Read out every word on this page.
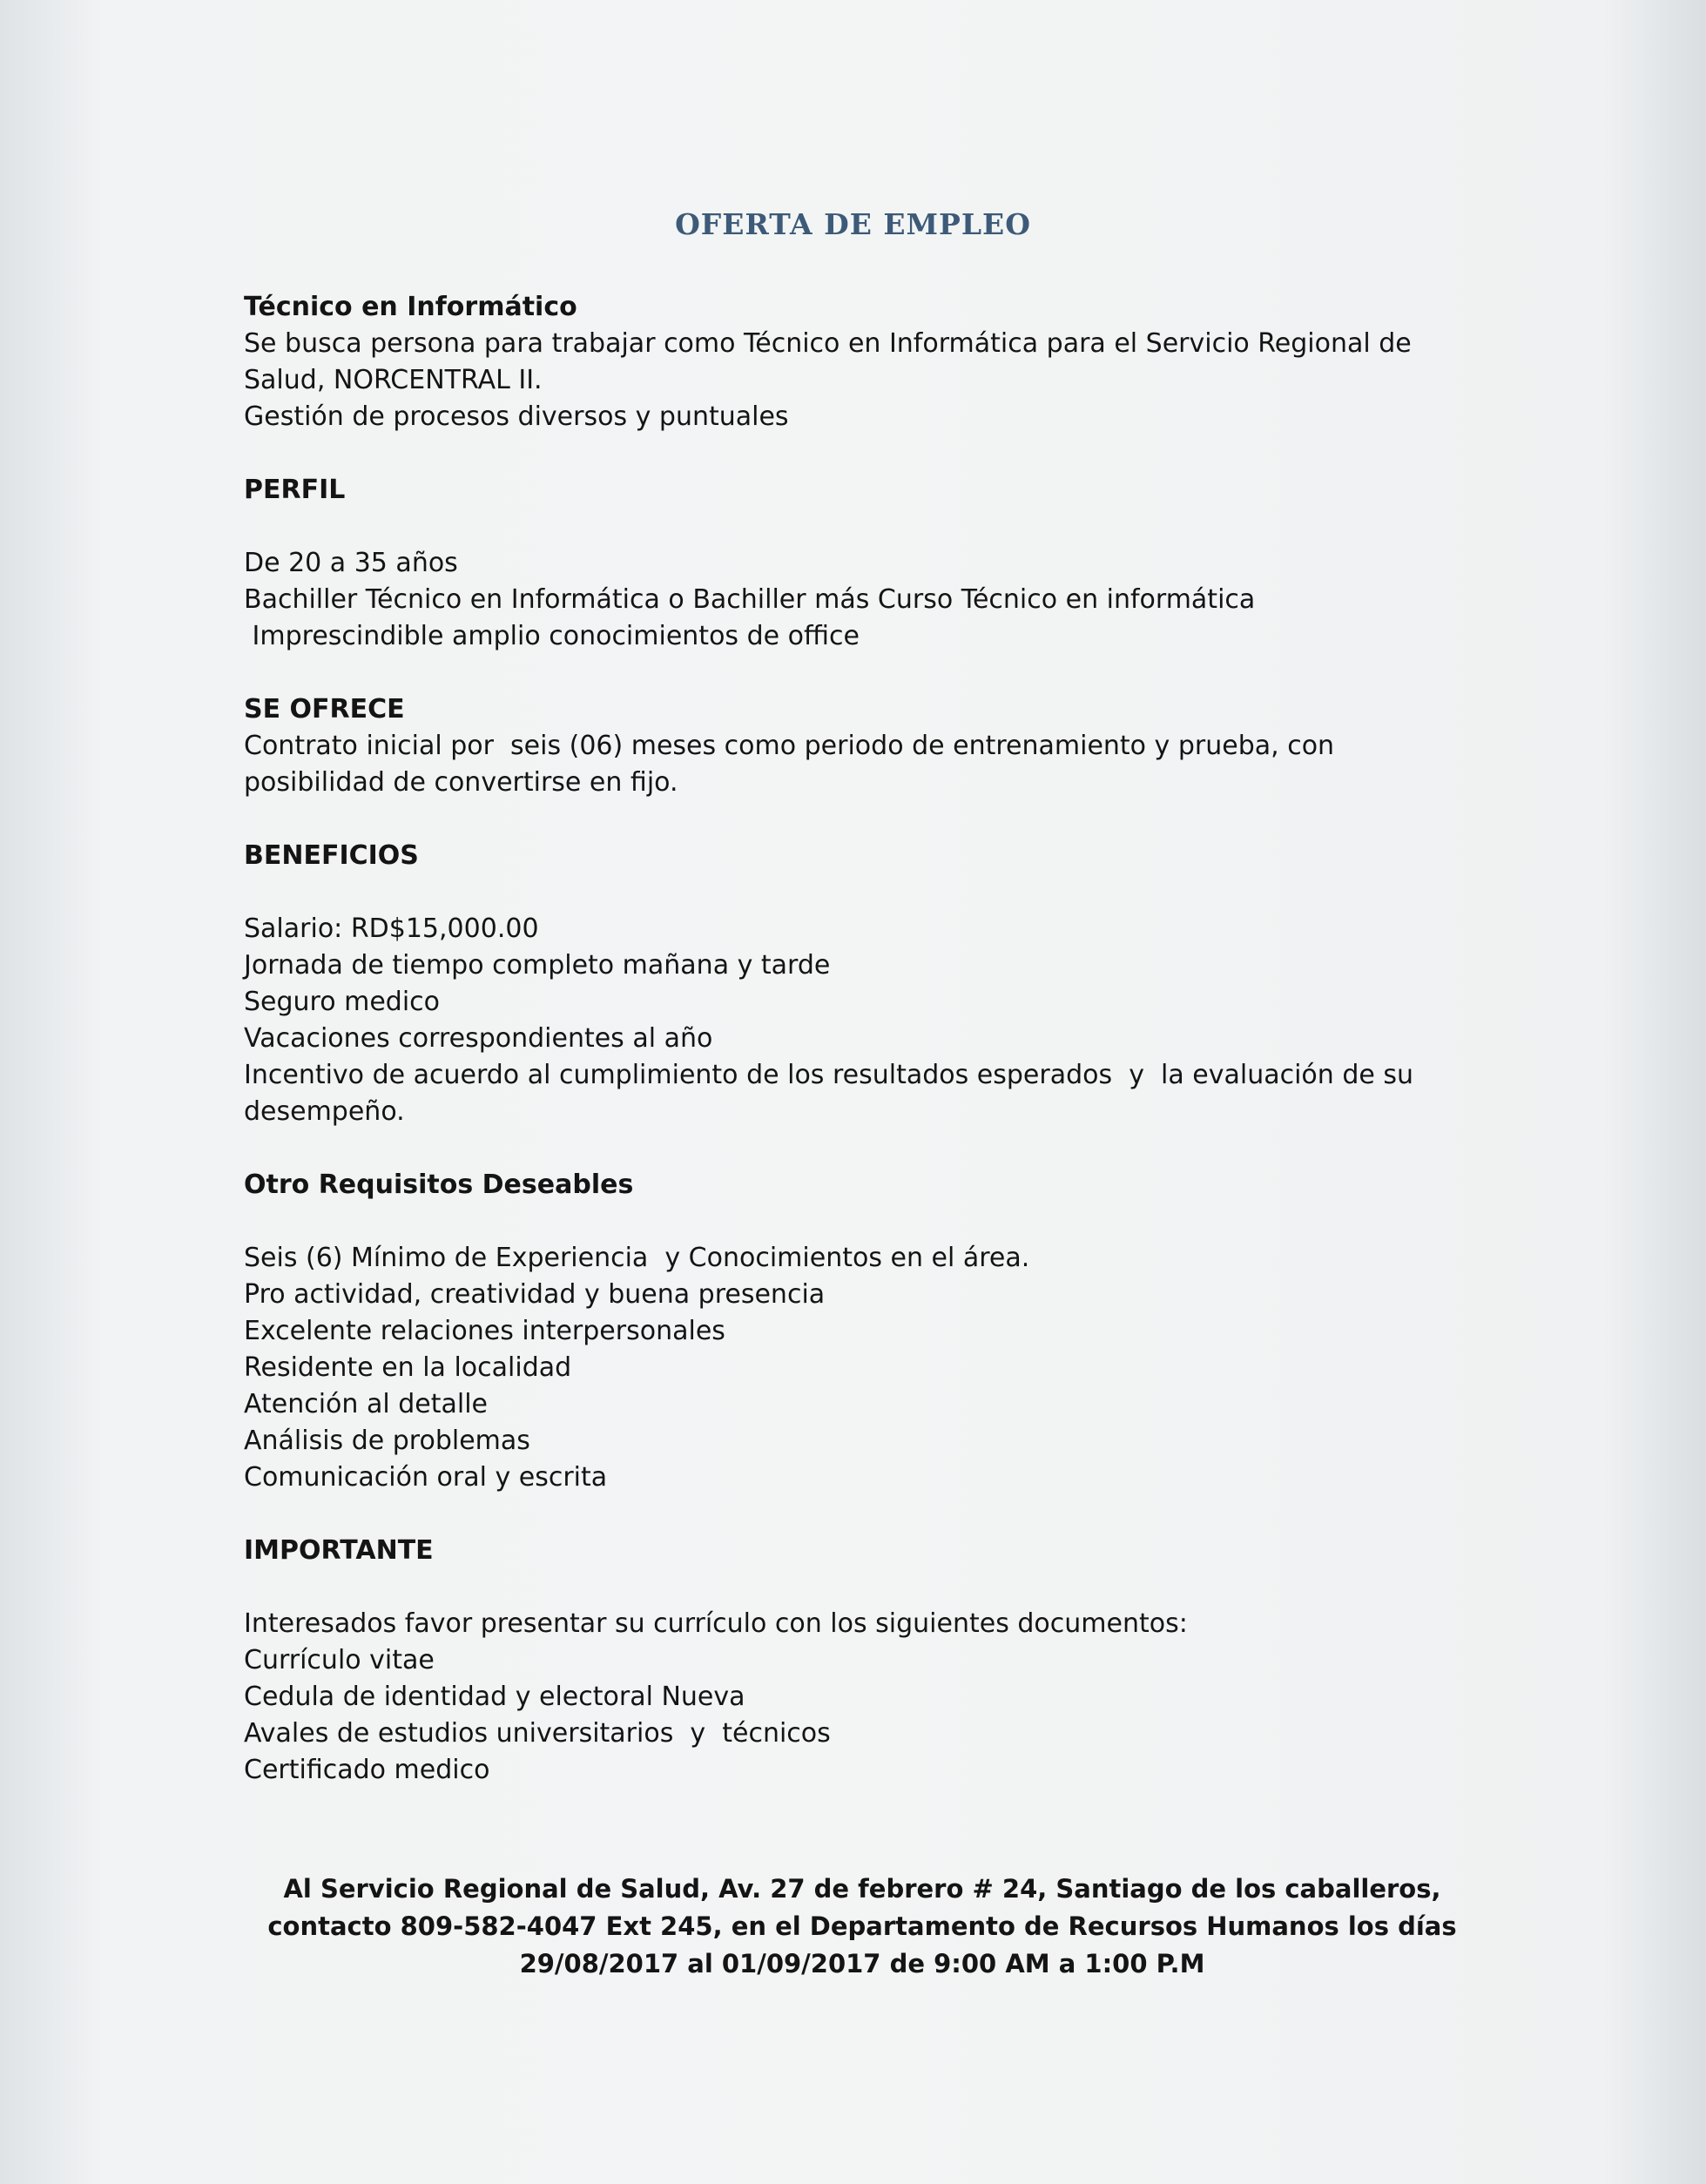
OFERTA DE EMPLEO
Técnico en Informático
Se busca persona para trabajar como Técnico en Informática para el Servicio Regional de Salud, NORCENTRAL II.
Gestión de procesos diversos y puntuales
PERFIL
De 20 a 35 años
Bachiller Técnico en Informática o Bachiller más Curso Técnico en informática
Imprescindible amplio conocimientos de office
SE OFRECE
Contrato inicial por  seis (06) meses como periodo de entrenamiento y prueba, con posibilidad de convertirse en fijo.
BENEFICIOS
Salario: RD$15,000.00
Jornada de tiempo completo mañana y tarde
Seguro medico
Vacaciones correspondientes al año
Incentivo de acuerdo al cumplimiento de los resultados esperados  y  la evaluación de su desempeño.
Otro Requisitos Deseables
Seis (6) Mínimo de Experiencia  y Conocimientos en el área.
Pro actividad, creatividad y buena presencia
Excelente relaciones interpersonales
Residente en la localidad
Atención al detalle
Análisis de problemas
Comunicación oral y escrita
IMPORTANTE
Interesados favor presentar su currículo con los siguientes documentos:
Currículo vitae
Cedula de identidad y electoral Nueva
Avales de estudios universitarios  y  técnicos
Certificado medico

Al Servicio Regional de Salud, Av. 27 de febrero # 24, Santiago de los caballeros, contacto 809-582-4047 Ext 245, en el Departamento de Recursos Humanos los días 29/08/2017 al 01/09/2017 de 9:00 AM a 1:00 P.M
